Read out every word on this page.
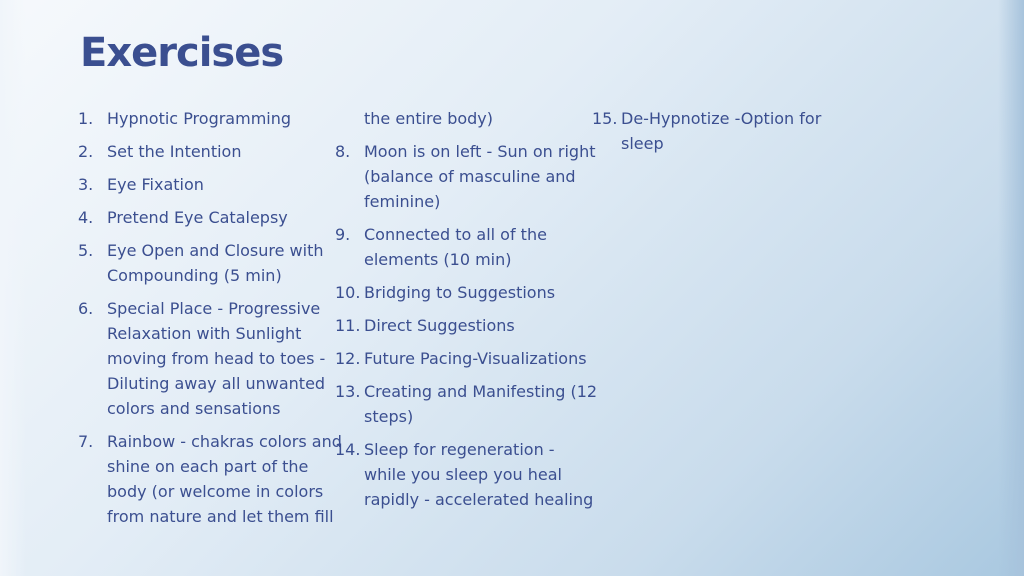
Exercises
1. Hypnotic Programming
2. Set the Intention
3. Eye Fixation
4. Pretend Eye Catalepsy
5. Eye Open and Closure with
Compounding (5 min)
6. Special Place - Progressive
Relaxation with Sunlight
moving from head to toes -
Diluting away all unwanted
colors and sensations
7. Rainbow - chakras colors and
shine on each part of the
body (or welcome in colors
from nature and let them fill
the entire body)
8. Moon is on left - Sun on right
(balance of masculine and
feminine)
9. Connected to all of the
elements (10 min)
10. Bridging to Suggestions
11. Direct Suggestions
12. Future Pacing-Visualizations
13. Creating and Manifesting (12
steps)
14. Sleep for regeneration -
while you sleep you heal
rapidly - accelerated healing
15. De-Hypnotize -Option for
sleep
